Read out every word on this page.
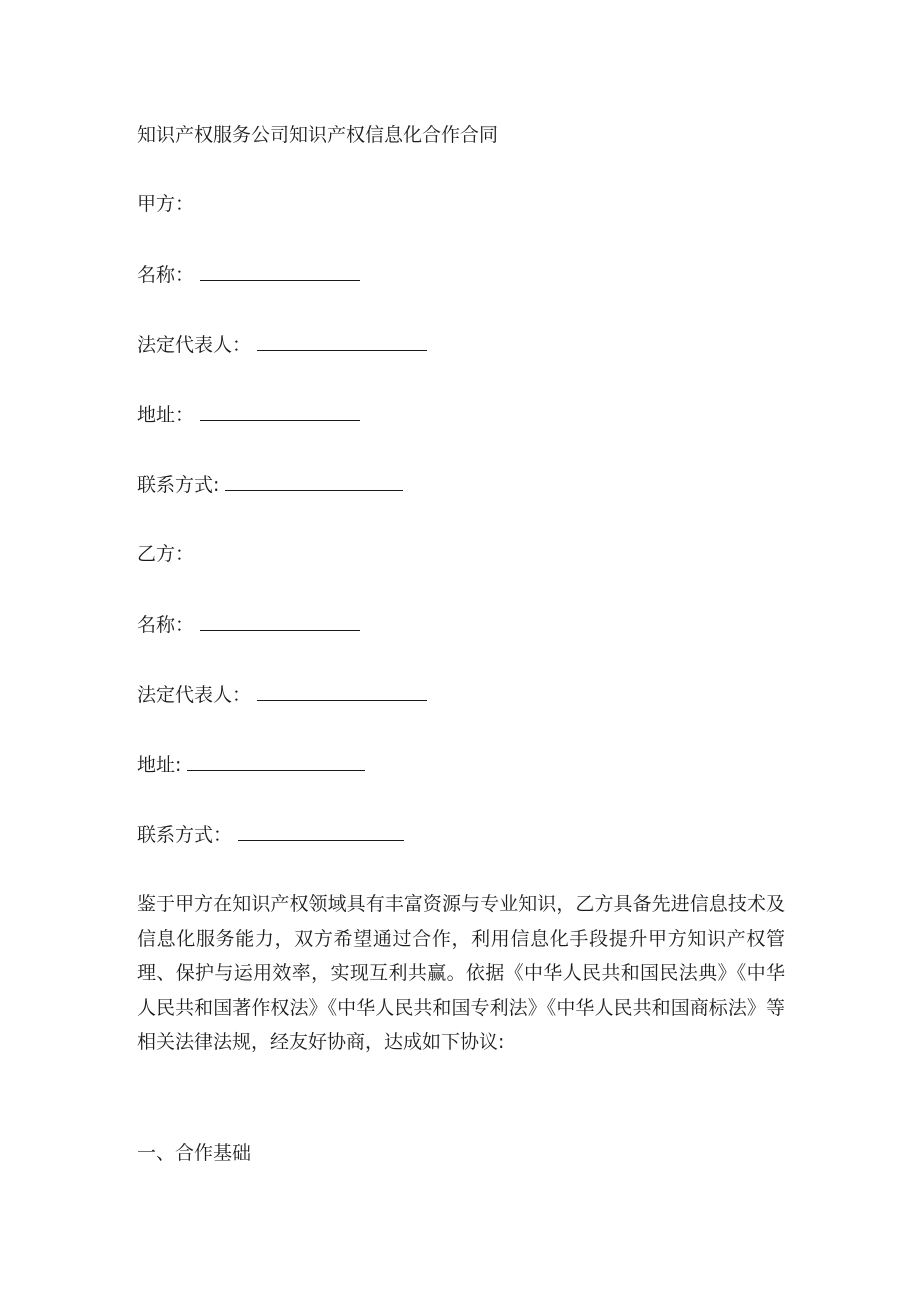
知识产权服务公司知识产权信息化合作合同
甲方：
名称：
法定代表人：
地址：
联系方式:
乙方：
名称：
法定代表人：
地址:
联系方式：
鉴于甲方在知识产权领域具有丰富资源与专业知识，乙方具备先进信息技术及信息化服务能力，双方希望通过合作，利用信息化手段提升甲方知识产权管理、保护与运用效率，实现互利共赢。依据《中华人民共和国民法典》《中华人民共和国著作权法》《中华人民共和国专利法》《中华人民共和国商标法》等相关法律法规，经友好协商，达成如下协议:
一、合作基础
